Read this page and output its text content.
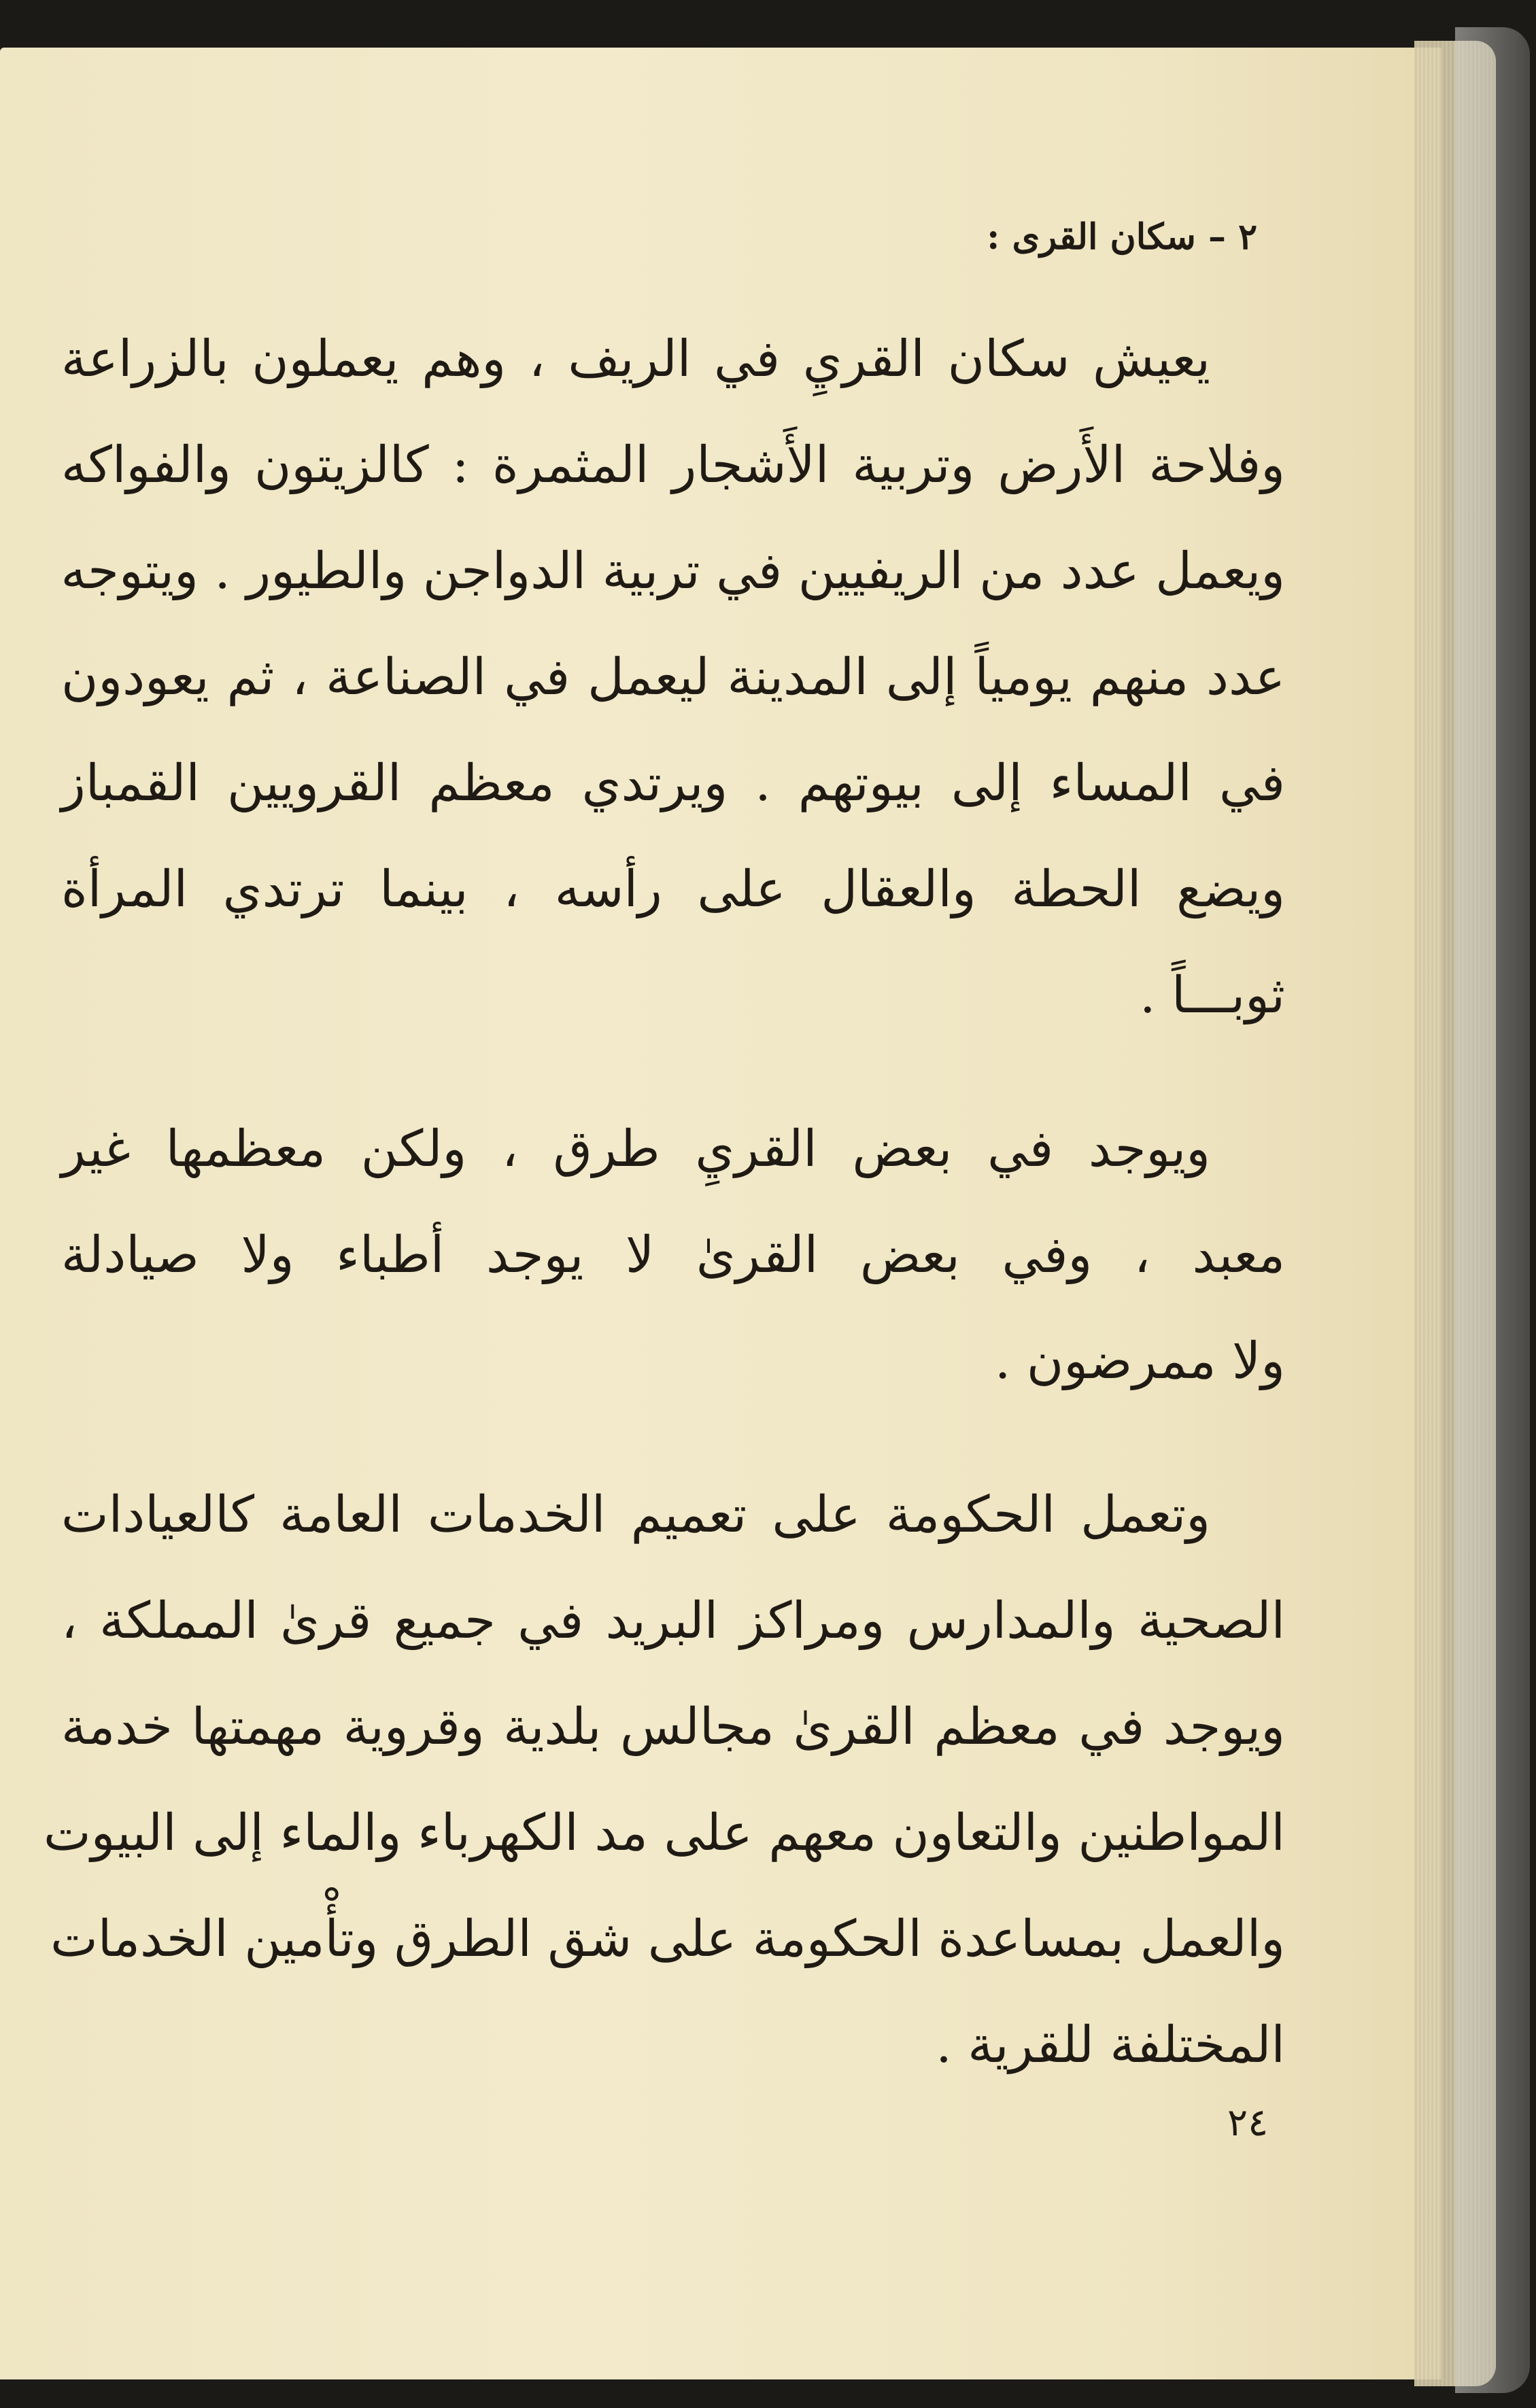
٢ – سكان القرى :
يعيش سكان القريِ في الريف ، وهم يعملون بالزراعة
وفلاحة الأَرض وتربية الأَشجار المثمرة : كالزيتون والفواكه
ويعمل عدد من الريفيين في تربية الدواجن والطيور . ويتوجه
عدد منهم يومياً إلى المدينة ليعمل في الصناعة ، ثم يعودون
في المساء إلى بيوتهم . ويرتدي معظم القرويين القمباز
ويضع الحطة والعقال على رأسه ، بينما ترتدي المرأة
ثوبـــاً .
ويوجد في بعض القريِ طرق ، ولكن معظمها غير
معبد ، وفي بعض القرىٰ لا يوجد أطباء ولا صيادلة
ولا ممرضون .
وتعمل الحكومة على تعميم الخدمات العامة كالعيادات
الصحية والمدارس ومراكز البريد في جميع قرىٰ المملكة ،
ويوجد في معظم القرىٰ مجالس بلدية وقروية مهمتها خدمة
المواطنين والتعاون معهم على مد الكهرباء والماء إلى البيوت
والعمل بمساعدة الحكومة على شق الطرق وتأْمين الخدمات
المختلفة للقرية .
٢٤
